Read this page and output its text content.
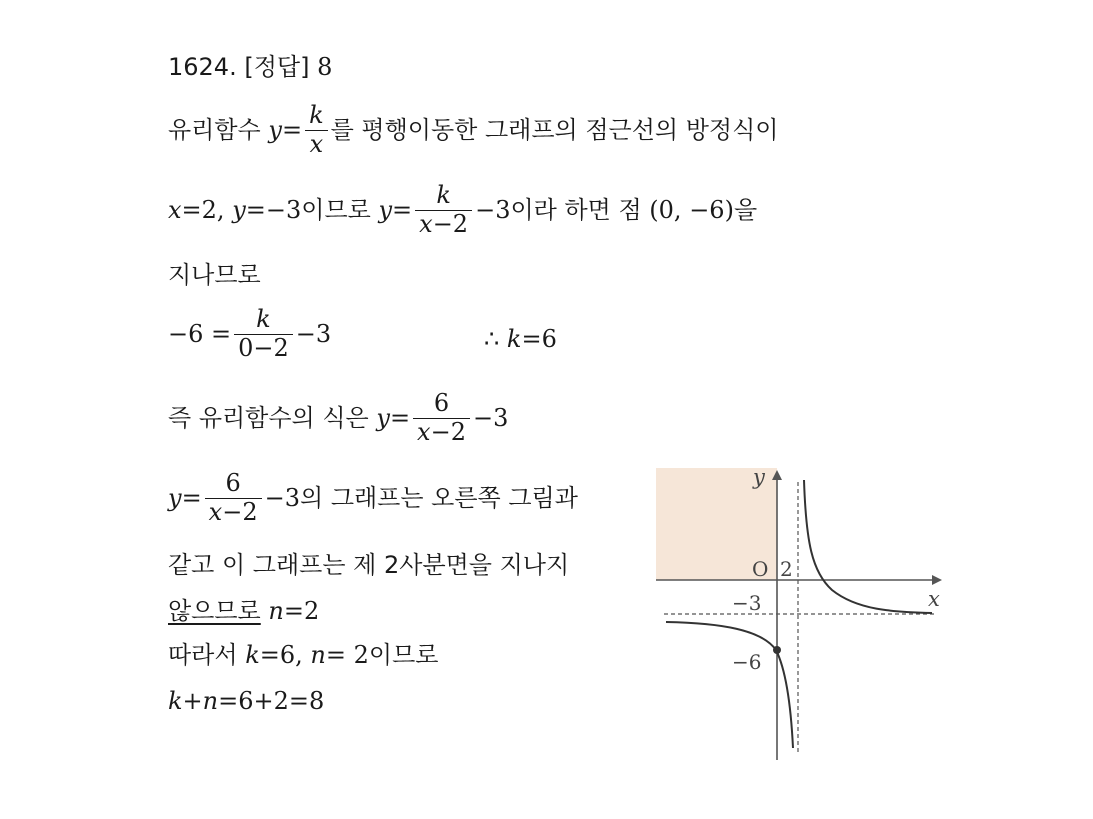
1624. [정답] 8
유리함수 $y= \frac{k}{x}$ 를 평행이동한 그래프의 점근선의 방정식이
x=2, y=−3이므로 $y= \frac{k}{x-2} -3$이라 하면 점 (0, −6)을
지나므로
$-6 = \frac{k}{0-2} -3$	∴ k=6
즉 유리함수의 식은 $y= \frac{6}{x-2} -3$
$y= \frac{6}{x-2} -3$의 그래프는 오른쪽 그림과
같고 이 그래프는 제 2사분면을 지나지
않으므로 n=2
따라서 k=6, n= 2이므로
k+n=6+2=8
y
x
O 2
−3
−6
